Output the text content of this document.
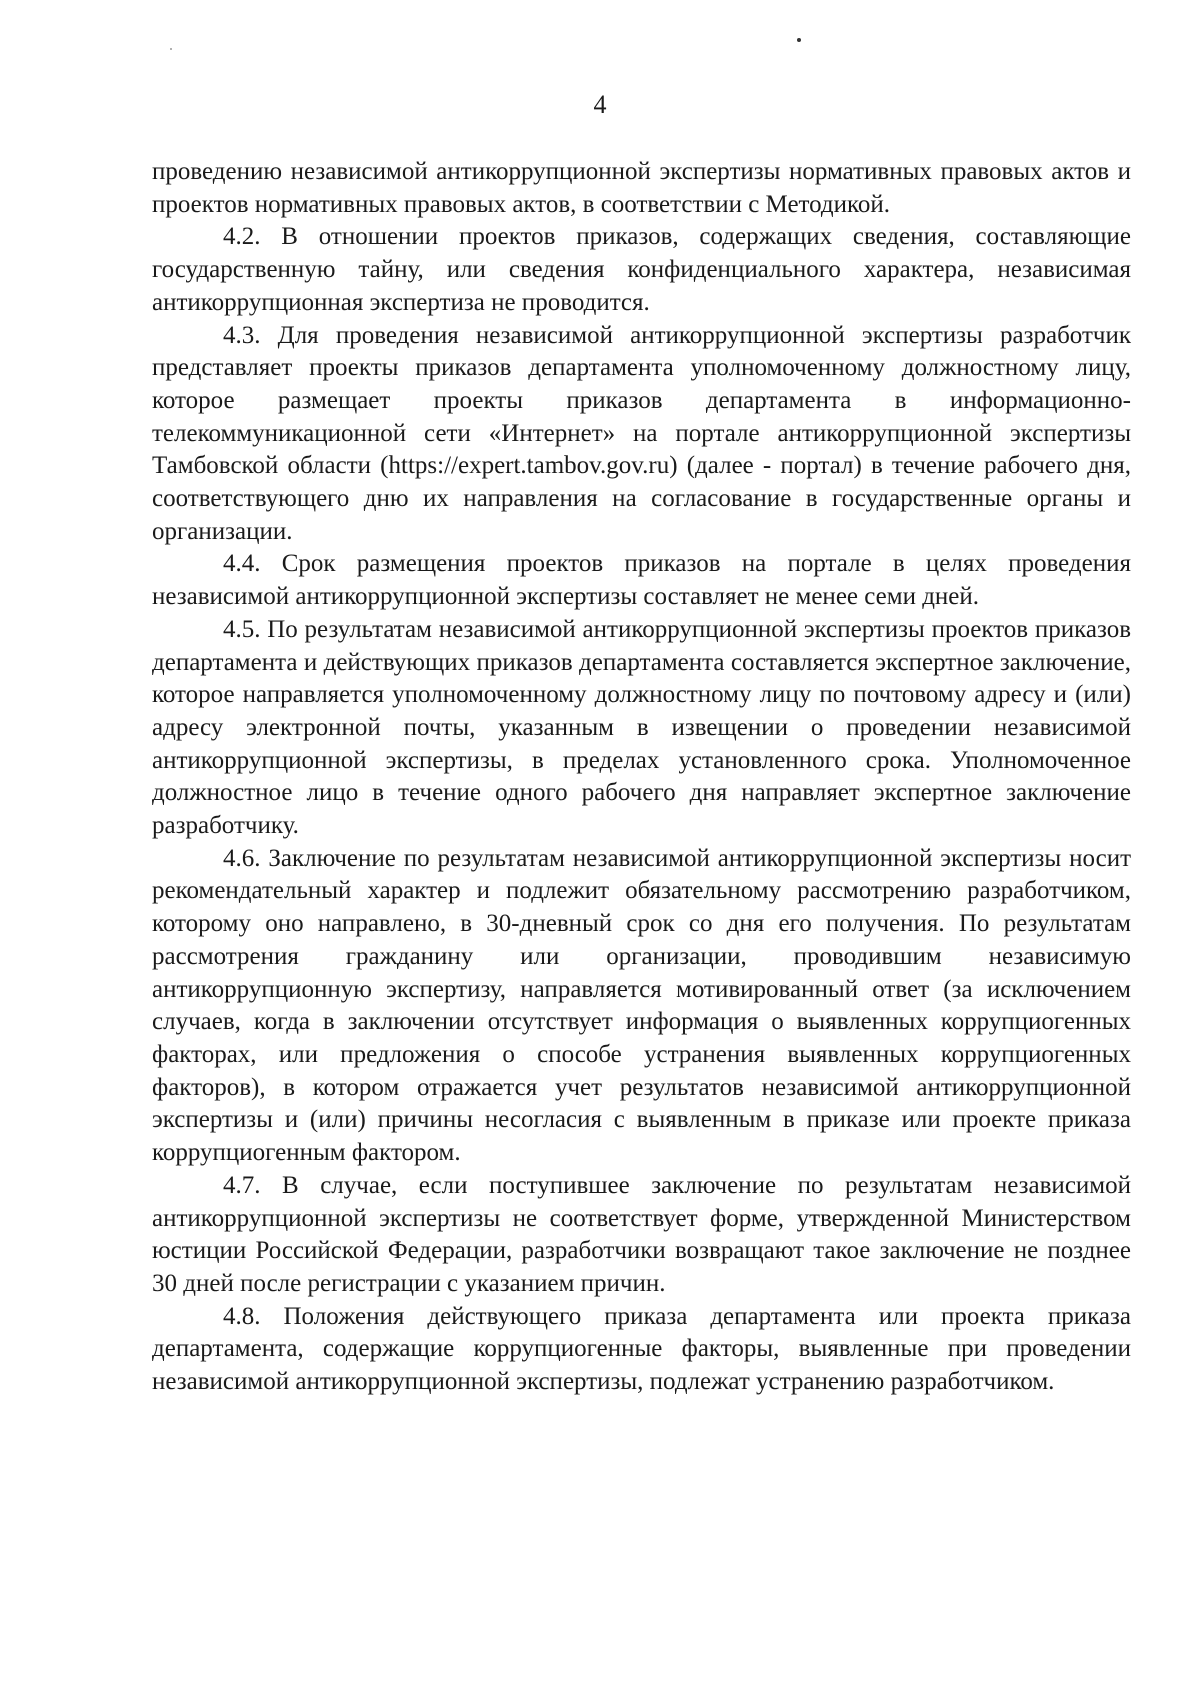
4

проведению независимой антикоррупционной экспертизы нормативных правовых актов и проектов нормативных правовых актов, в соответствии с Методикой.

4.2. В отношении проектов приказов, содержащих сведения, составляющие государственную тайну, или сведения конфиденциального характера, независимая антикоррупционная экспертиза не проводится.

4.3. Для проведения независимой антикоррупционной экспертизы разработчик представляет проекты приказов департамента уполномоченному должностному лицу, которое размещает проекты приказов департамента в информационно-телекоммуникационной сети «Интернет» на портале антикоррупционной экспертизы Тамбовской области (https://expert.tambov.gov.ru) (далее - портал) в течение рабочего дня, соответствующего дню их направления на согласование в государственные органы и организации.

4.4. Срок размещения проектов приказов на портале в целях проведения независимой антикоррупционной экспертизы составляет не менее семи дней.

4.5. По результатам независимой антикоррупционной экспертизы проектов приказов департамента и действующих приказов департамента составляется экспертное заключение, которое направляется уполномоченному должностному лицу по почтовому адресу и (или) адресу электронной почты, указанным в извещении о проведении независимой антикоррупционной экспертизы, в пределах установленного срока. Уполномоченное должностное лицо в течение одного рабочего дня направляет экспертное заключение разработчику.

4.6. Заключение по результатам независимой антикоррупционной экспертизы носит рекомендательный характер и подлежит обязательному рассмотрению разработчиком, которому оно направлено, в 30-дневный срок со дня его получения. По результатам рассмотрения гражданину или организации, проводившим независимую антикоррупционную экспертизу, направляется мотивированный ответ (за исключением случаев, когда в заключении отсутствует информация о выявленных коррупциогенных факторах, или предложения о способе устранения выявленных коррупциогенных факторов), в котором отражается учет результатов независимой антикоррупционной экспертизы и (или) причины несогласия с выявленным в приказе или проекте приказа коррупциогенным фактором.

4.7. В случае, если поступившее заключение по результатам независимой антикоррупционной экспертизы не соответствует форме, утвержденной Министерством юстиции Российской Федерации, разработчики возвращают такое заключение не позднее 30 дней после регистрации с указанием причин.

4.8. Положения действующего приказа департамента или проекта приказа департамента, содержащие коррупциогенные факторы, выявленные при проведении независимой антикоррупционной экспертизы, подлежат устранению разработчиком.
